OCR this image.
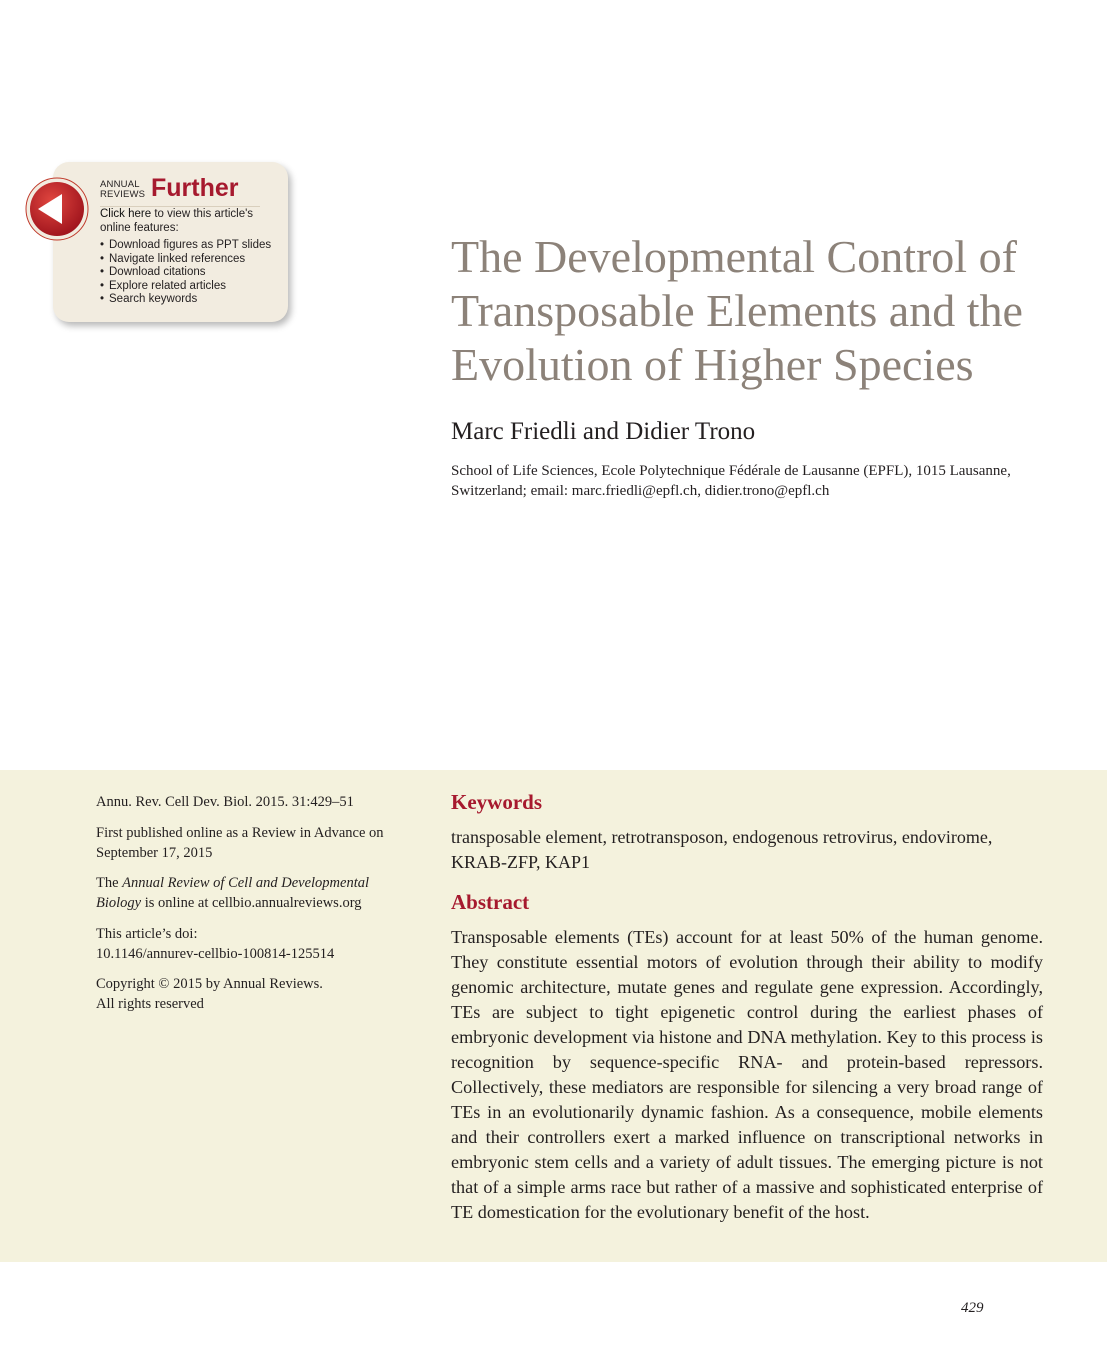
ANNUAL REVIEWS Further
Click here to view this article's online features:
• Download figures as PPT slides
• Navigate linked references
• Download citations
• Explore related articles
• Search keywords
The Developmental Control of Transposable Elements and the Evolution of Higher Species
Marc Friedli and Didier Trono
School of Life Sciences, Ecole Polytechnique Fédérale de Lausanne (EPFL), 1015 Lausanne, Switzerland; email: marc.friedli@epfl.ch, didier.trono@epfl.ch

Annu. Rev. Cell Dev. Biol. 2015. 31:429–51

First published online as a Review in Advance on September 17, 2015

The Annual Review of Cell and Developmental Biology is online at cellbio.annualreviews.org

This article’s doi:
10.1146/annurev-cellbio-100814-125514

Copyright © 2015 by Annual Reviews.
All rights reserved

Keywords
transposable element, retrotransposon, endogenous retrovirus, endovirome, KRAB-ZFP, KAP1
Abstract

Transposable elements (TEs) account for at least 50% of the human genome. They constitute essential motors of evolution through their ability to modify genomic architecture, mutate genes and regulate gene expression. Accordingly, TEs are subject to tight epigenetic control during the earliest phases of embryonic development via histone and DNA methylation. Key to this process is recognition by sequence-specific RNA- and protein-based repressors. Collectively, these mediators are responsible for silencing a very broad range of TEs in an evolutionarily dynamic fashion. As a consequence, mobile elements and their controllers exert a marked influence on transcriptional networks in embryonic stem cells and a variety of adult tissues. The emerging picture is not that of a simple arms race but rather of a massive and sophisticated enterprise of TE domestication for the evolutionary benefit of the host.

429
